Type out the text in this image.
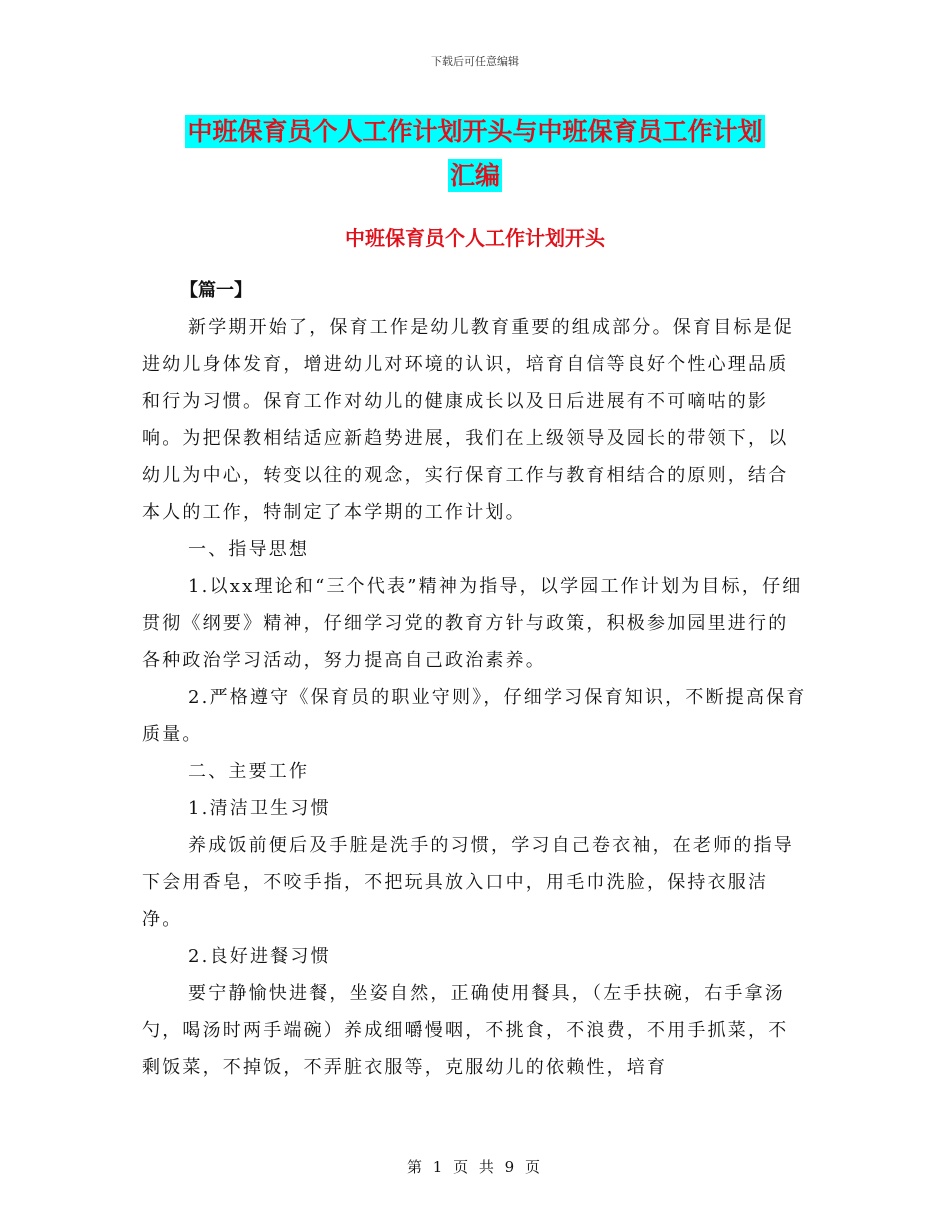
下载后可任意编辑
中班保育员个人工作计划开头与中班保育员工作计划
汇编
中班保育员个人工作计划开头
【篇一】

新学期开始了，保育工作是幼儿教育重要的组成部分。保育目标是促进幼儿身体发育，增进幼儿对环境的认识，培育自信等良好个性心理品质和行为习惯。保育工作对幼儿的健康成长以及日后进展有不可嘀咕的影响。为把保教相结适应新趋势进展，我们在上级领导及园长的带领下，以幼儿为中心，转变以往的观念，实行保育工作与教育相结合的原则，结合本人的工作，特制定了本学期的工作计划。

一、指导思想

1.以xx理论和“三个代表”精神为指导，以学园工作计划为目标，仔细贯彻《纲要》精神，仔细学习党的教育方针与政策，积极参加园里进行的各种政治学习活动，努力提高自己政治素养。

2.严格遵守《保育员的职业守则》，仔细学习保育知识，不断提高保育质量。

二、主要工作

1.清洁卫生习惯

养成饭前便后及手脏是洗手的习惯，学习自己卷衣袖，在老师的指导下会用香皂，不咬手指，不把玩具放入口中，用毛巾洗脸，保持衣服洁净。

2.良好进餐习惯

要宁静愉快进餐，坐姿自然，正确使用餐具，（左手扶碗，右手拿汤勺，喝汤时两手端碗）养成细嚼慢咽，不挑食，不浪费，不用手抓菜，不剩饭菜，不掉饭，不弄脏衣服等，克服幼儿的依赖性，培育

第 1 页 共 9 页
